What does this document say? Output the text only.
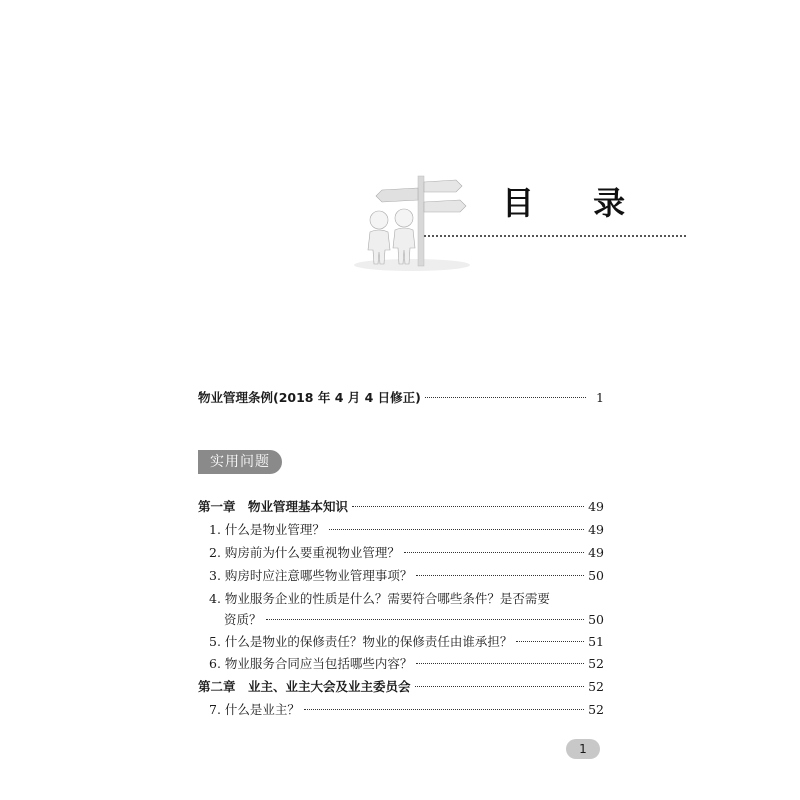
目 录
物业管理条例(2018 年 4 月 4 日修正)	1
实用问题
第一章　物业管理基本知识	49
1. 什么是物业管理？	49
2. 购房前为什么要重视物业管理？	49
3. 购房时应注意哪些物业管理事项？	50
4. 物业服务企业的性质是什么？需要符合哪些条件？是否需要
资质？	50
5. 什么是物业的保修责任？物业的保修责任由谁承担？	51
6. 物业服务合同应当包括哪些内容？	52
第二章　业主、业主大会及业主委员会	52
7. 什么是业主？	52
1
